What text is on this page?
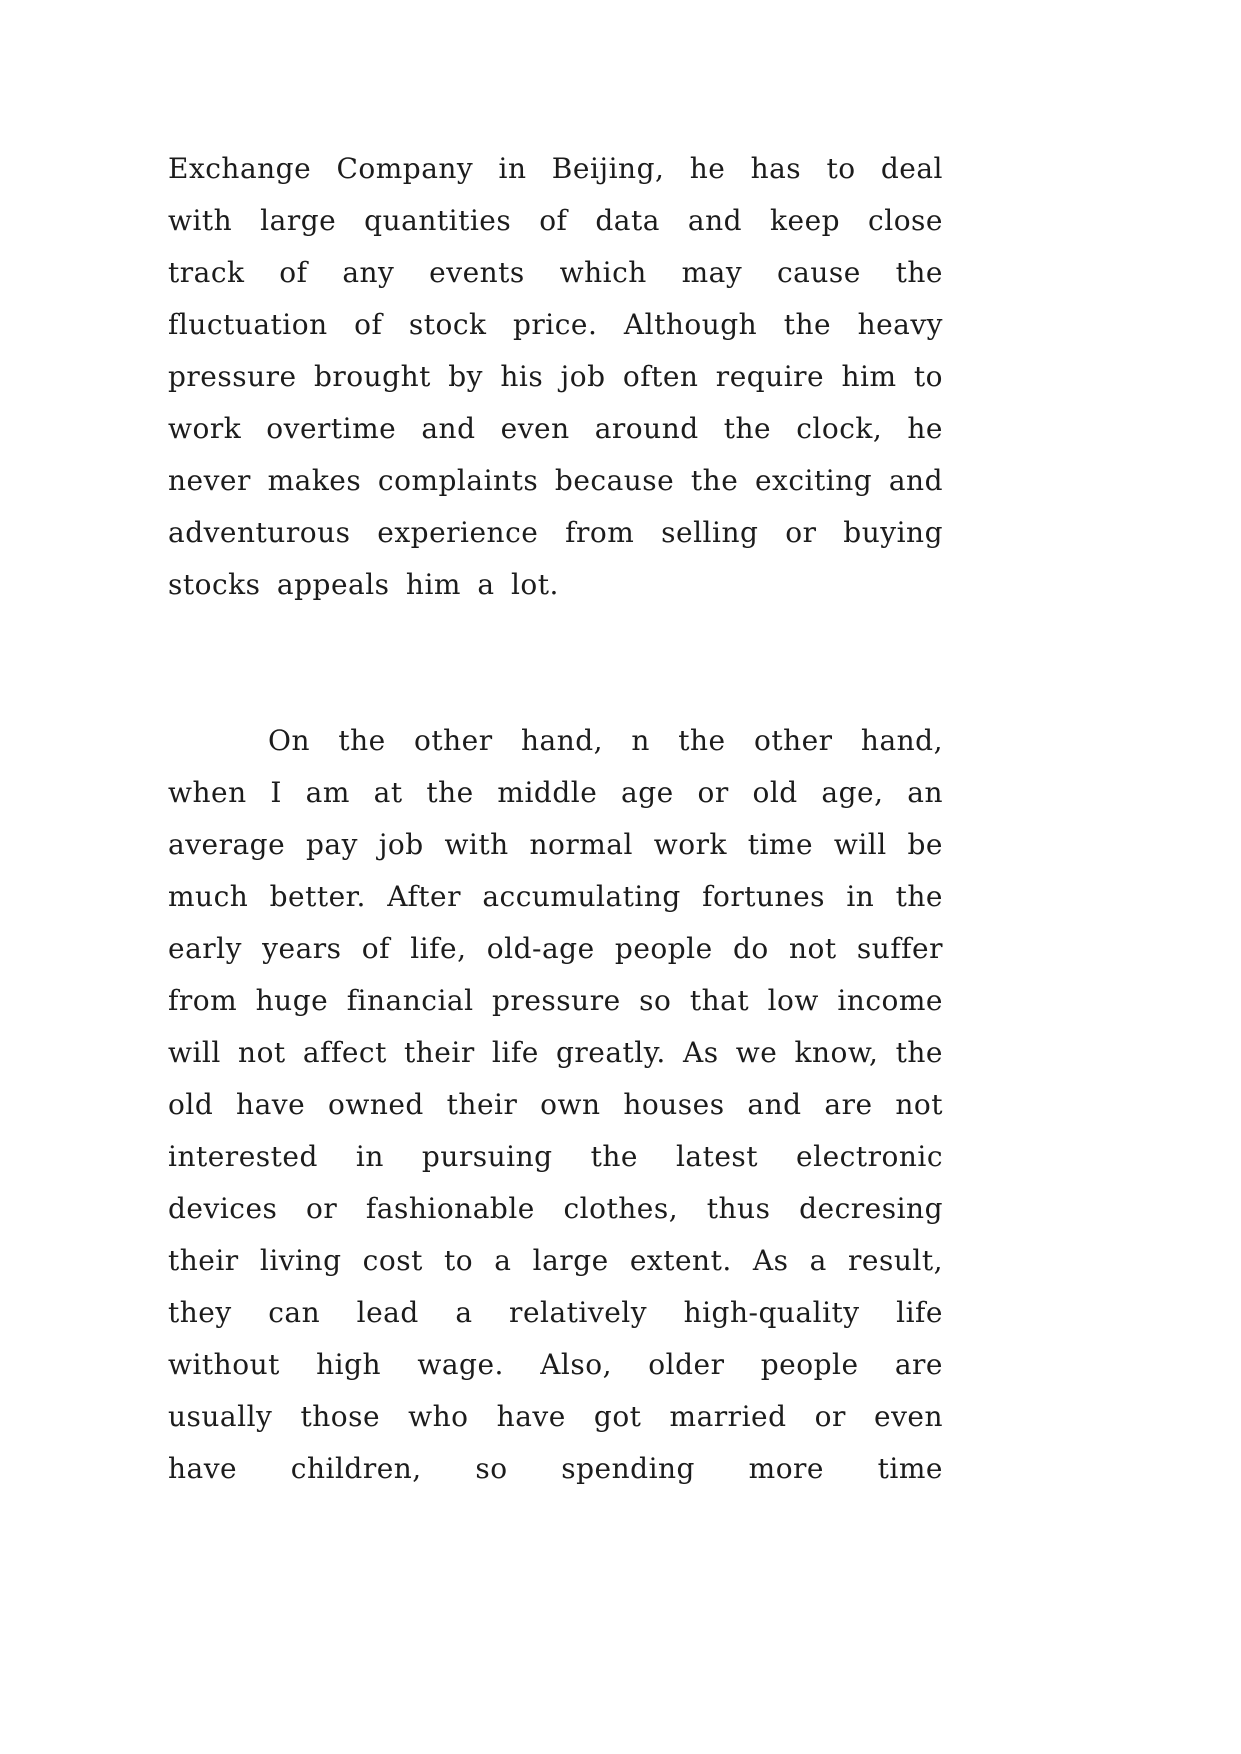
Exchange Company in Beijing, he has to deal with large quantities of data and keep close track of any events which may cause the fluctuation of stock price. Although the heavy pressure brought by his job often require him to work overtime and even around the clock, he never makes complaints because the exciting and adventurous experience from selling or buying stocks appeals him a lot.

On the other hand, n the other hand, when I am at the middle age or old age, an average pay job with normal work time will be much better. After accumulating fortunes in the early years of life, old-age people do not suffer from huge financial pressure so that low income will not affect their life greatly. As we know, the old have owned their own houses and are not interested in pursuing the latest electronic devices or fashionable clothes, thus decresing their living cost to a large extent. As a result, they can lead a relatively high-quality life without high wage. Also, older people are usually those who have got married or even have children, so spending more time
